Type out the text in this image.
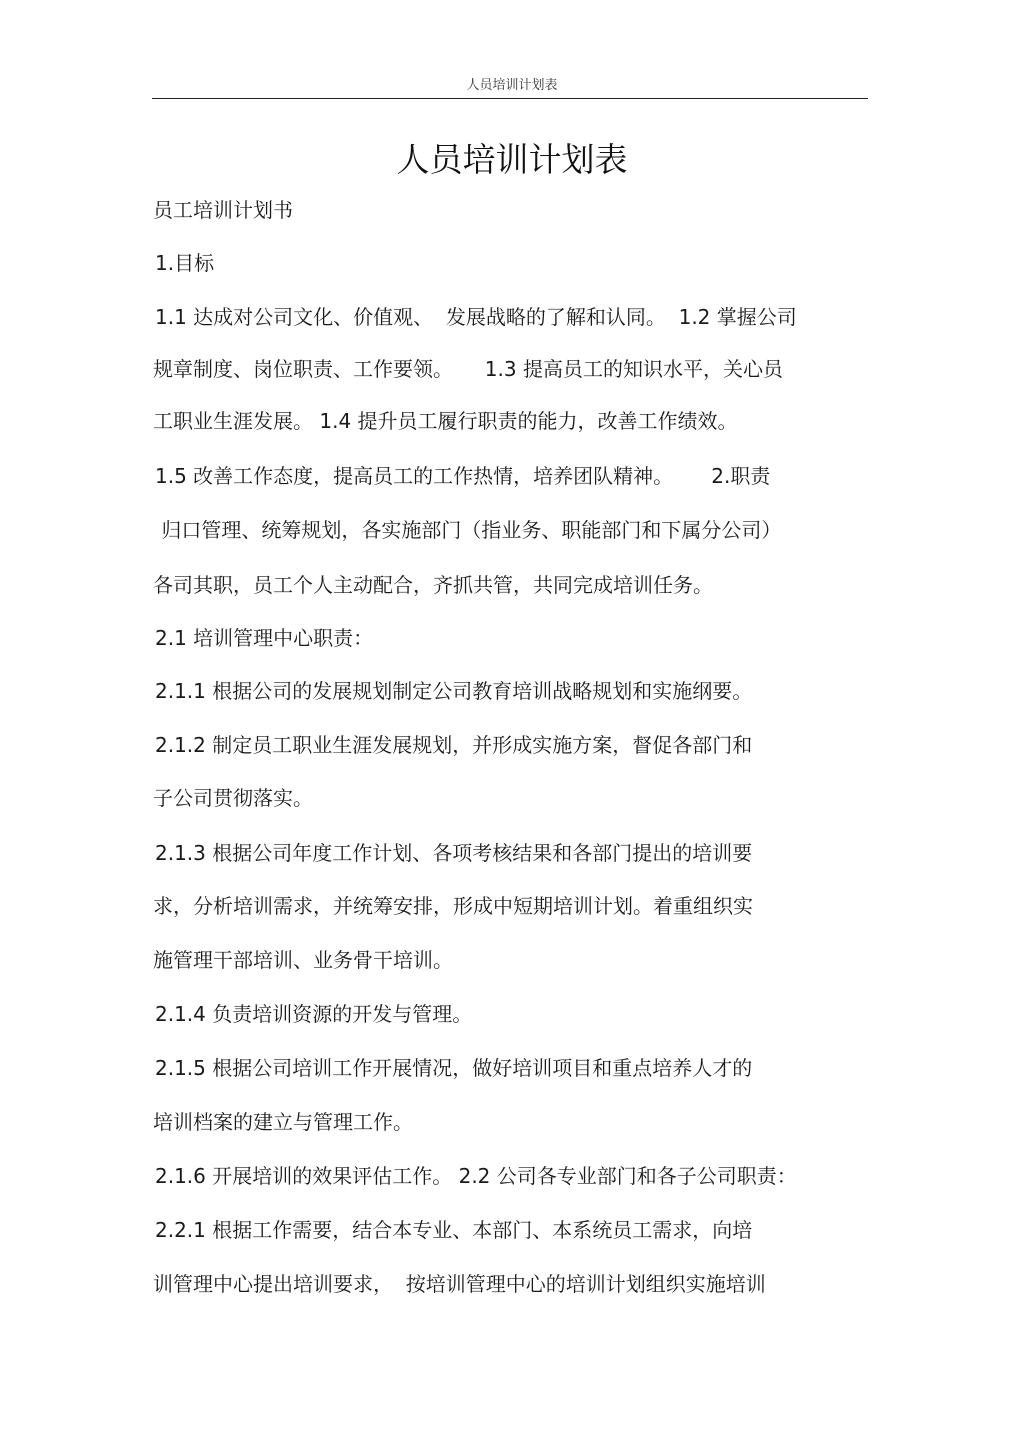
人员培训计划表
人员培训计划表
员工培训计划书
1.目标
1.1 达成对公司文化、价值观、  发展战略的了解和认同。  1.2 掌握公司
规章制度、岗位职责、工作要领。     1.3 提高员工的知识水平，关心员
工职业生涯发展。 1.4 提升员工履行职责的能力，改善工作绩效。
1.5 改善工作态度，提高员工的工作热情，培养团队精神。      2.职责
归口管理、统筹规划，各实施部门（指业务、职能部门和下属分公司）
各司其职，员工个人主动配合，齐抓共管，共同完成培训任务。
2.1 培训管理中心职责：
2.1.1 根据公司的发展规划制定公司教育培训战略规划和实施纲要。
2.1.2 制定员工职业生涯发展规划，并形成实施方案，督促各部门和
子公司贯彻落实。
2.1.3 根据公司年度工作计划、各项考核结果和各部门提出的培训要
求，分析培训需求，并统筹安排，形成中短期培训计划。着重组织实
施管理干部培训、业务骨干培训。
2.1.4 负责培训资源的开发与管理。
2.1.5 根据公司培训工作开展情况，做好培训项目和重点培养人才的
培训档案的建立与管理工作。
2.1.6 开展培训的效果评估工作。 2.2 公司各专业部门和各子公司职责：
2.2.1 根据工作需要，结合本专业、本部门、本系统员工需求，向培
训管理中心提出培训要求，  按培训管理中心的培训计划组织实施培训
